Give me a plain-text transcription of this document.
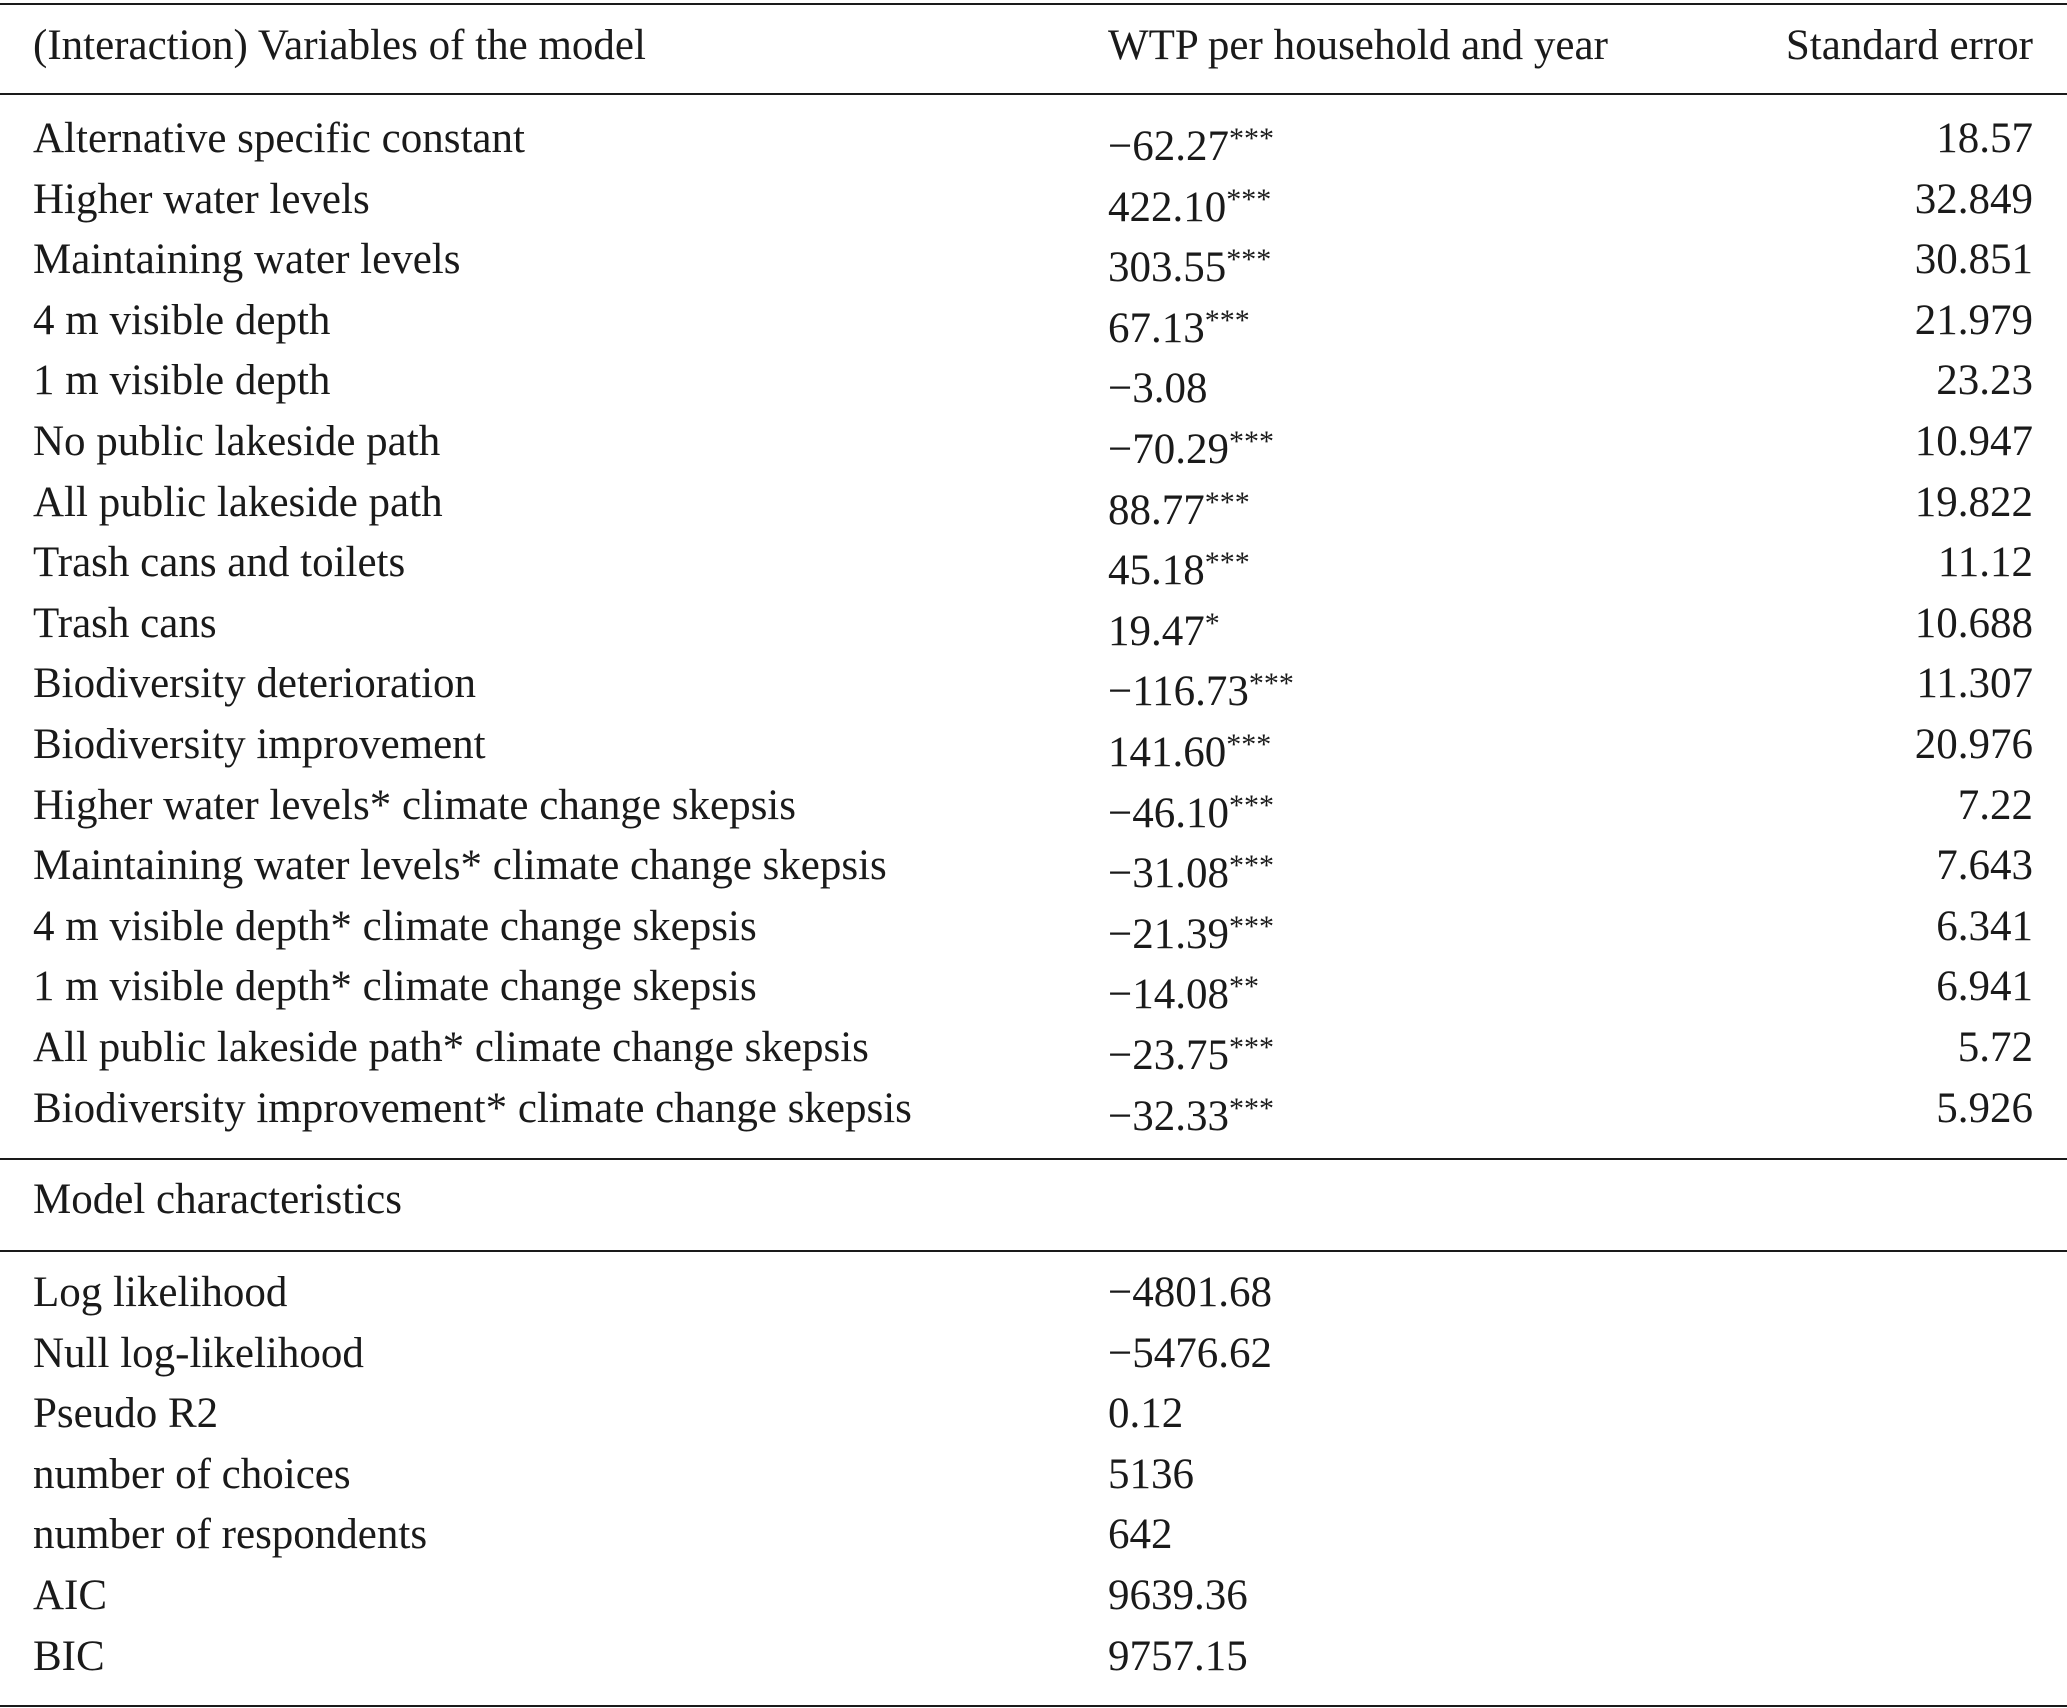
(Interaction) Variables of the model	WTP per household and year	Standard error
Alternative specific constant	−62.27***	18.57
Higher water levels	422.10***	32.849
Maintaining water levels	303.55***	30.851
4 m visible depth	67.13***	21.979
1 m visible depth	−3.08	23.23
No public lakeside path	−70.29***	10.947
All public lakeside path	88.77***	19.822
Trash cans and toilets	45.18***	11.12
Trash cans	19.47*	10.688
Biodiversity deterioration	−116.73***	11.307
Biodiversity improvement	141.60***	20.976
Higher water levels* climate change skepsis	−46.10***	7.22
Maintaining water levels* climate change skepsis	−31.08***	7.643
4 m visible depth* climate change skepsis	−21.39***	6.341
1 m visible depth* climate change skepsis	−14.08**	6.941
All public lakeside path* climate change skepsis	−23.75***	5.72
Biodiversity improvement* climate change skepsis	−32.33***	5.926
Model characteristics
Log likelihood	−4801.68
Null log-likelihood	−5476.62
Pseudo R2	0.12
number of choices	5136
number of respondents	642
AIC	9639.36
BIC	9757.15
